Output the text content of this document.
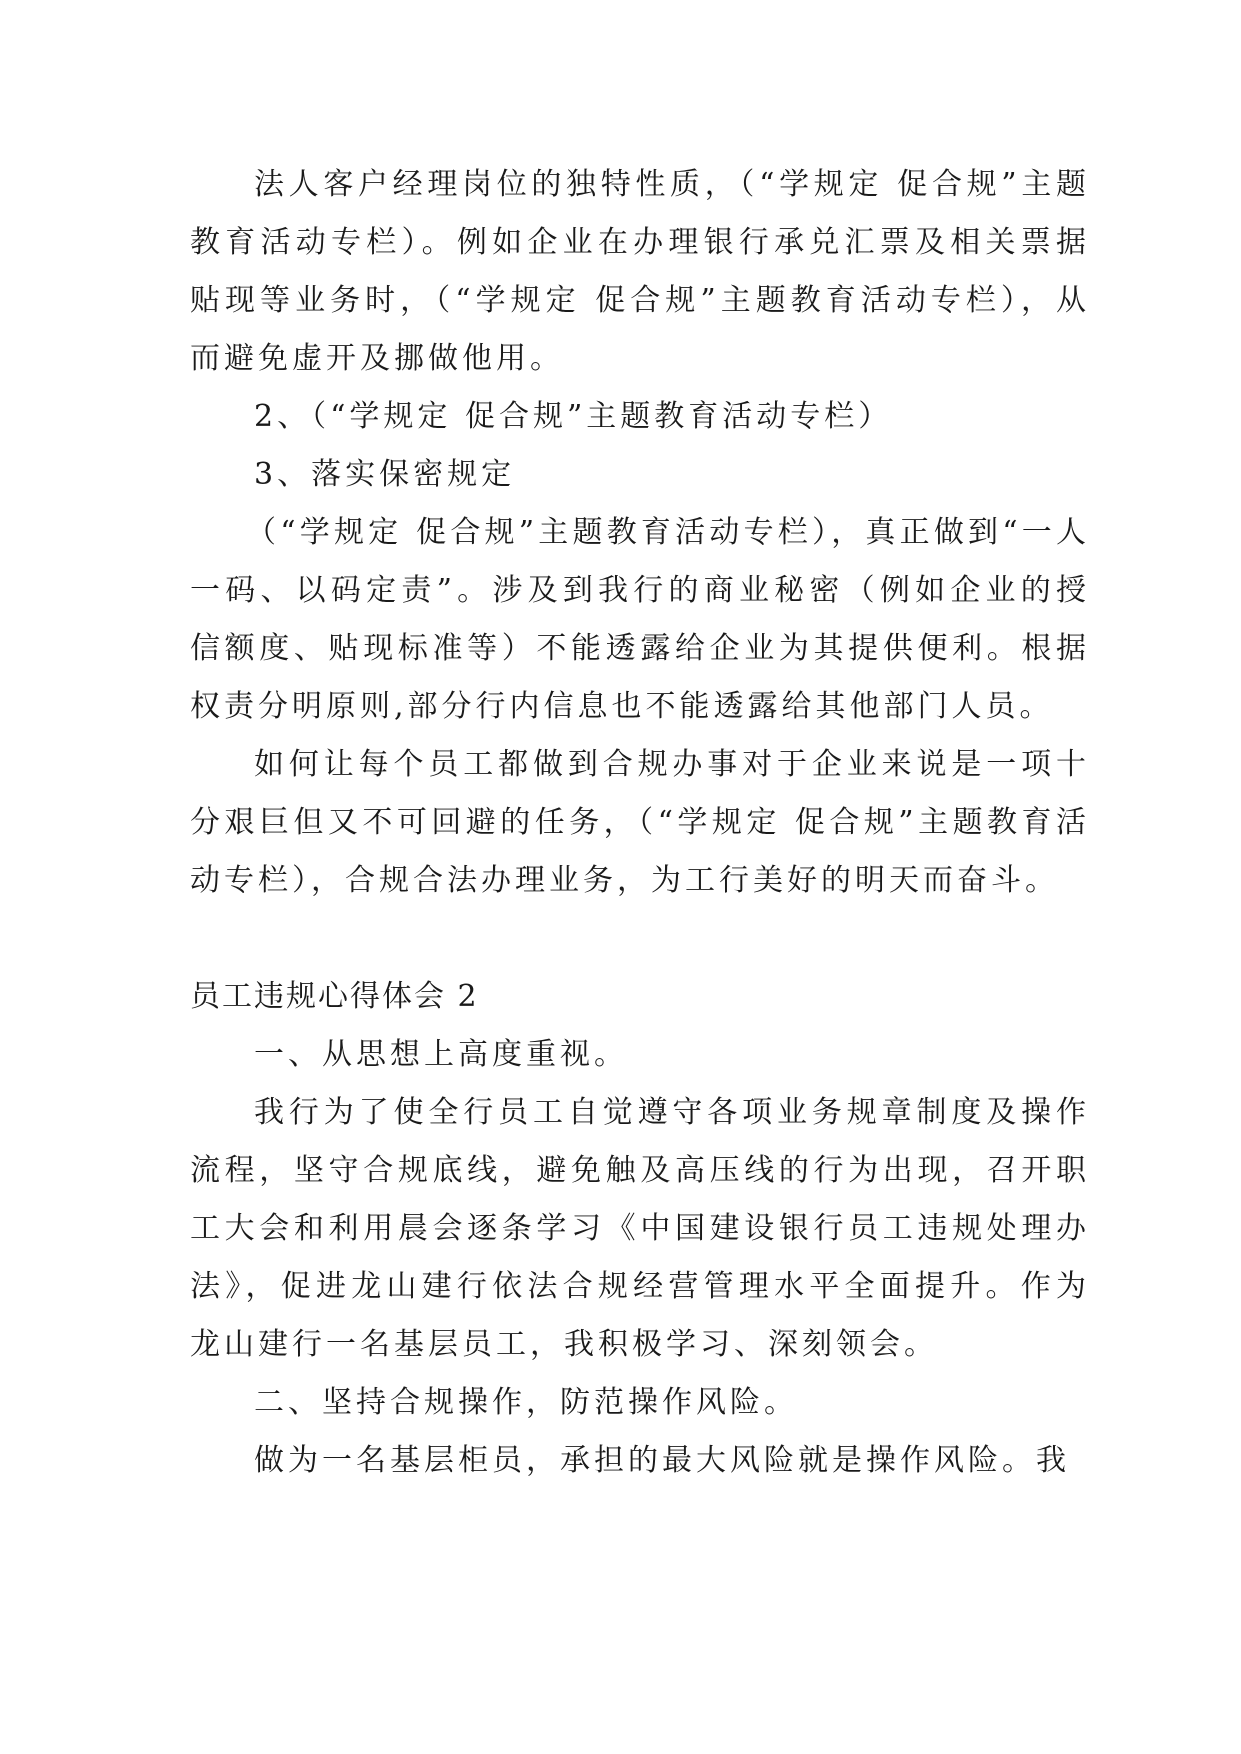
法人客户经理岗位的独特性质，（“学规定 促合规”主题教育活动专栏）。例如企业在办理银行承兑汇票及相关票据贴现等业务时，（“学规定 促合规”主题教育活动专栏），从而避免虚开及挪做他用。

2、（“学规定 促合规”主题教育活动专栏）

3、落实保密规定

（“学规定 促合规”主题教育活动专栏），真正做到“一人一码、以码定责”。涉及到我行的商业秘密（例如企业的授信额度、贴现标准等）不能透露给企业为其提供便利。根据权责分明原则,部分行内信息也不能透露给其他部门人员。

如何让每个员工都做到合规办事对于企业来说是一项十分艰巨但又不可回避的任务，（“学规定 促合规”主题教育活动专栏），合规合法办理业务，为工行美好的明天而奋斗。

员工违规心得体会 2

一、从思想上高度重视。

我行为了使全行员工自觉遵守各项业务规章制度及操作流程，坚守合规底线，避免触及高压线的行为出现，召开职工大会和利用晨会逐条学习《中国建设银行员工违规处理办法》，促进龙山建行依法合规经营管理水平全面提升。作为龙山建行一名基层员工，我积极学习、深刻领会。

二、坚持合规操作，防范操作风险。

做为一名基层柜员，承担的最大风险就是操作风险。我
